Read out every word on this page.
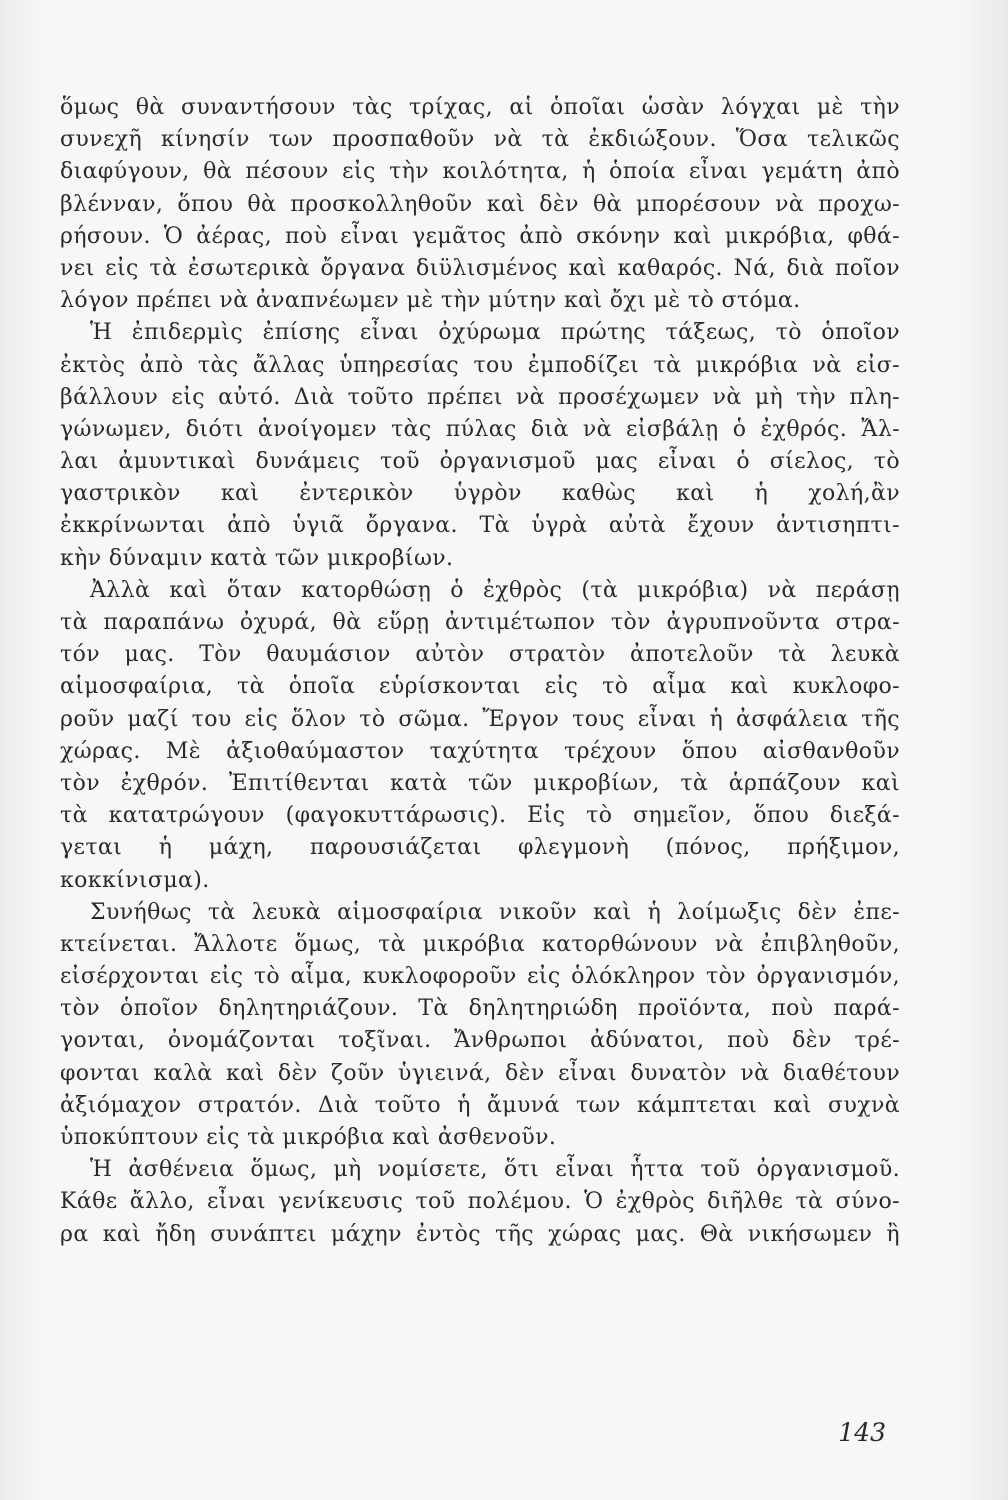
ὅμως θὰ συναντήσουν τὰς τρίχας, αἱ ὁποῖαι ὡσὰν λόγχαι μὲ τὴν
συνεχῆ κίνησίν των προσπαθοῦν νὰ τὰ ἐκδιώξουν. Ὅσα τελικῶς
διαφύγουν, θὰ πέσουν εἰς τὴν κοιλότητα, ἡ ὁποία εἶναι γεμάτη ἀπὸ
βλένναν, ὅπου θὰ προσκολληθοῦν καὶ δὲν θὰ μπορέσουν νὰ προχω-
ρήσουν. Ὁ ἀέρας, ποὺ εἶναι γεμᾶτος ἀπὸ σκόνην καὶ μικρόβια, φθά-
νει εἰς τὰ ἐσωτερικὰ ὄργανα διϋλισμένος καὶ καθαρός. Νά, διὰ ποῖον
λόγον πρέπει νὰ ἀναπνέωμεν μὲ τὴν μύτην καὶ ὄχι μὲ τὸ στόμα.
Ἡ ἐπιδερμὶς ἐπίσης εἶναι ὀχύρωμα πρώτης τάξεως, τὸ ὁποῖον
ἐκτὸς ἀπὸ τὰς ἄλλας ὑπηρεσίας του ἐμποδίζει τὰ μικρόβια νὰ εἰσ-
βάλλουν εἰς αὐτό. Διὰ τοῦτο πρέπει νὰ προσέχωμεν νὰ μὴ τὴν πλη-
γώνωμεν, διότι ἀνοίγομεν τὰς πύλας διὰ νὰ εἰσβάλῃ ὁ ἐχθρός. Ἄλ-
λαι ἀμυντικαὶ δυνάμεις τοῦ ὀργανισμοῦ μας εἶναι ὁ σίελος, τὸ
γαστρικὸν καὶ ἐντερικὸν ὑγρὸν καθὼς καὶ ἡ χολή,ἂν
ἐκκρίνωνται ἀπὸ ὑγιᾶ ὄργανα. Τὰ ὑγρὰ αὐτὰ ἔχουν ἀντισηπτι-
κὴν δύναμιν κατὰ τῶν μικροβίων.
Ἀλλὰ καὶ ὅταν κατορθώσῃ ὁ ἐχθρὸς (τὰ μικρόβια) νὰ περάσῃ
τὰ παραπάνω ὀχυρά, θὰ εὕρῃ ἀντιμέτωπον τὸν ἀγρυπνοῦντα στρα-
τόν μας. Τὸν θαυμάσιον αὐτὸν στρατὸν ἀποτελοῦν τὰ λευκὰ
αἱμοσφαίρια, τὰ ὁποῖα εὑρίσκονται εἰς τὸ αἷμα καὶ κυκλοφο-
ροῦν μαζί του εἰς ὅλον τὸ σῶμα. Ἔργον τους εἶναι ἡ ἀσφάλεια τῆς
χώρας. Μὲ ἀξιοθαύμαστον ταχύτητα τρέχουν ὅπου αἰσθανθοῦν
τὸν ἐχθρόν. Ἐπιτίθενται κατὰ τῶν μικροβίων, τὰ ἁρπάζουν καὶ
τὰ κατατρώγουν (φαγοκυττάρωσις). Εἰς τὸ σημεῖον, ὅπου διεξά-
γεται ἡ μάχη, παρουσιάζεται φλεγμονὴ (πόνος, πρήξιμον,
κοκκίνισμα).
Συνήθως τὰ λευκὰ αἱμοσφαίρια νικοῦν καὶ ἡ λοίμωξις δὲν ἐπε-
κτείνεται. Ἄλλοτε ὅμως, τὰ μικρόβια κατορθώνουν νὰ ἐπιβληθοῦν,
εἰσέρχονται εἰς τὸ αἷμα, κυκλοφοροῦν εἰς ὁλόκληρον τὸν ὀργανισμόν,
τὸν ὁποῖον δηλητηριάζουν. Τὰ δηλητηριώδη προϊόντα, ποὺ παρά-
γονται, ὀνομάζονται τοξῖναι. Ἄνθρωποι ἀδύνατοι, ποὺ δὲν τρέ-
φονται καλὰ καὶ δὲν ζοῦν ὑγιεινά, δὲν εἶναι δυνατὸν νὰ διαθέτουν
ἀξιόμαχον στρατόν. Διὰ τοῦτο ἡ ἄμυνά των κάμπτεται καὶ συχνὰ
ὑποκύπτουν εἰς τὰ μικρόβια καὶ ἀσθενοῦν.
Ἡ ἀσθένεια ὅμως, μὴ νομίσετε, ὅτι εἶναι ἧττα τοῦ ὀργανισμοῦ.
Κάθε ἄλλο, εἶναι γενίκευσις τοῦ πολέμου. Ὁ ἐχθρὸς διῆλθε τὰ σύνο-
ρα καὶ ἤδη συνάπτει μάχην ἐντὸς τῆς χώρας μας. Θὰ νικήσωμεν ἢ
143
